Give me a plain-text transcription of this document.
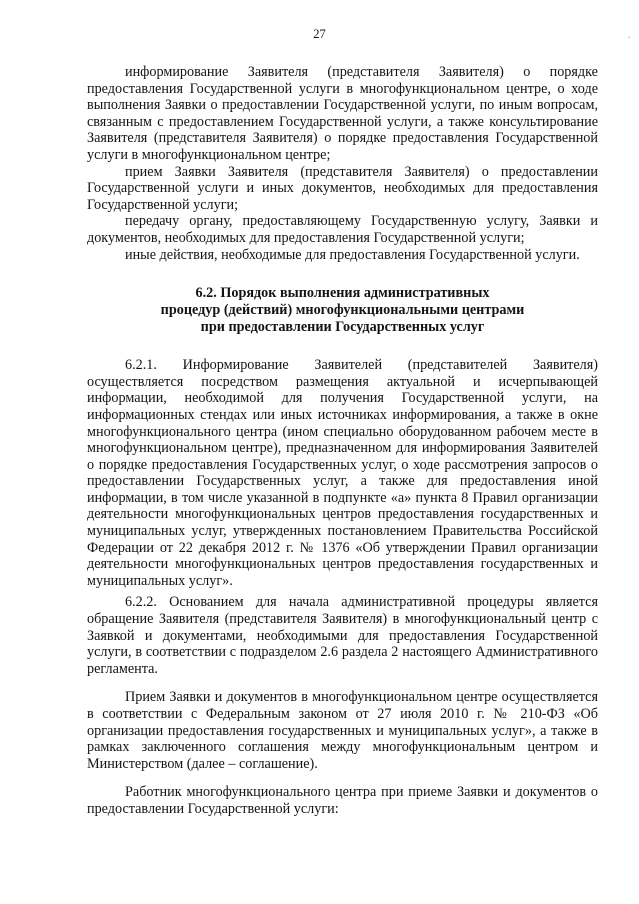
27	·

информирование Заявителя (представителя Заявителя) о порядке предоставления Государственной услуги в многофункциональном центре, о ходе выполнения Заявки о предоставлении Государственной услуги, по иным вопросам, связанным с предоставлением Государственной услуги, а также консультирование Заявителя (представителя Заявителя) о порядке предоставления Государственной услуги в многофункциональном центре;

прием Заявки Заявителя (представителя Заявителя) о предоставлении Государственной услуги и иных документов, необходимых для предоставления Государственной услуги;

передачу органу, предоставляющему Государственную услугу, Заявки и документов, необходимых для предоставления Государственной услуги;

иные действия, необходимые для предоставления Государственной услуги.

6.2. Порядок выполнения административных
процедур (действий) многофункциональными центрами
при предоставлении Государственных услуг

6.2.1. Информирование Заявителей (представителей Заявителя) осуществляется посредством размещения актуальной и исчерпывающей информации, необходимой для получения Государственной услуги, на информационных стендах или иных источниках информирования, а также в окне многофункционального центра (ином специально оборудованном рабочем месте в многофункциональном центре), предназначенном для информирования Заявителей о порядке предоставления Государственных услуг, о ходе рассмотрения запросов о предоставлении Государственных услуг, а также для предоставления иной информации, в том числе указанной в подпункте «а» пункта 8 Правил организации деятельности многофункциональных центров предоставления государственных и муниципальных услуг, утвержденных постановлением Правительства Российской Федерации от 22 декабря 2012 г. № 1376 «Об утверждении Правил организации деятельности многофункциональных центров предоставления государственных и муниципальных услуг».

6.2.2. Основанием для начала административной процедуры является обращение Заявителя (представителя Заявителя) в многофункциональный центр с Заявкой и документами, необходимыми для предоставления Государственной услуги, в соответствии с подразделом 2.6 раздела 2 настоящего Административного регламента.

Прием Заявки и документов в многофункциональном центре осуществляется в соответствии с Федеральным законом от 27 июля 2010 г. № 210-ФЗ «Об организации предоставления государственных и муниципальных услуг», а также в рамках заключенного соглашения между многофункциональным центром и Министерством (далее – соглашение).

Работник многофункционального центра при приеме Заявки и документов о предоставлении Государственной услуги:
